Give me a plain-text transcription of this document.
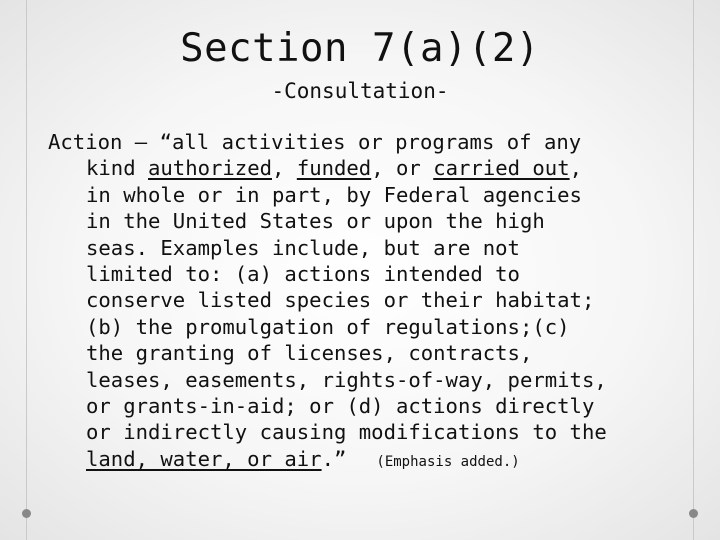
Section 7(a)(2)
-Consultation-
Action – “all activities or programs of any
kind authorized, funded, or carried out,
in whole or in part, by Federal agencies
in the United States or upon the high
seas. Examples include, but are not
limited to: (a) actions intended to
conserve listed species or their habitat;
(b) the promulgation of regulations;(c)
the granting of licenses, contracts,
leases, easements, rights-of-way, permits,
or grants-in-aid; or (d) actions directly
or indirectly causing modifications to the
land, water, or air.” (Emphasis added.)
